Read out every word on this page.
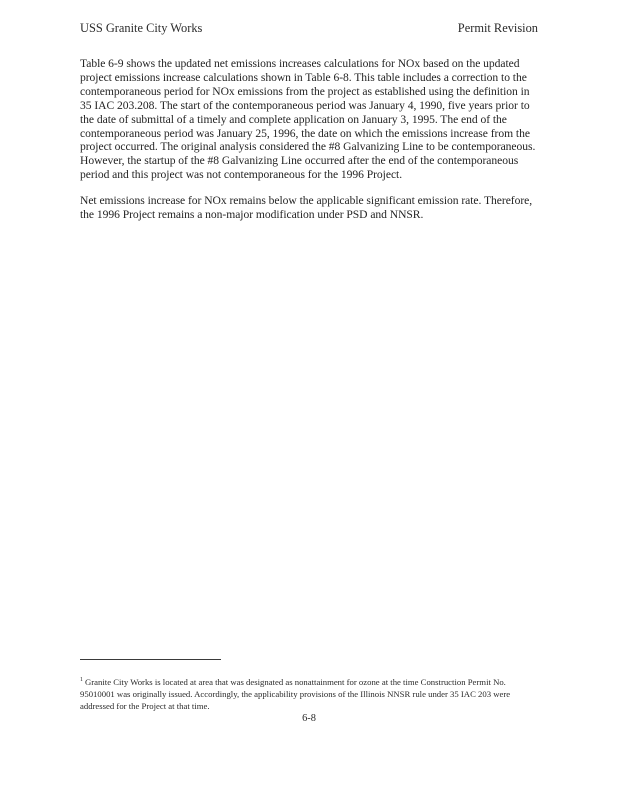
USS Granite City Works	Permit Revision

Table 6-9 shows the updated net emissions increases calculations for NOx based on the updated project emissions increase calculations shown in Table 6-8. This table includes a correction to the contemporaneous period for NOx emissions from the project as established using the definition in 35 IAC 203.208. The start of the contemporaneous period was January 4, 1990, five years prior to the date of submittal of a timely and complete application on January 3, 1995. The end of the contemporaneous period was January 25, 1996, the date on which the emissions increase from the project occurred. The original analysis considered the #8 Galvanizing Line to be contemporaneous. However, the startup of the #8 Galvanizing Line occurred after the end of the contemporaneous period and this project was not contemporaneous for the 1996 Project.

Net emissions increase for NOx remains below the applicable significant emission rate. Therefore, the 1996 Project remains a non-major modification under PSD and NNSR.

$^1$ Granite City Works is located at area that was designated as nonattainment for ozone at the time Construction Permit No. 95010001 was originally issued. Accordingly, the applicability provisions of the Illinois NNSR rule under 35 IAC 203 were addressed for the Project at that time.

6-8
